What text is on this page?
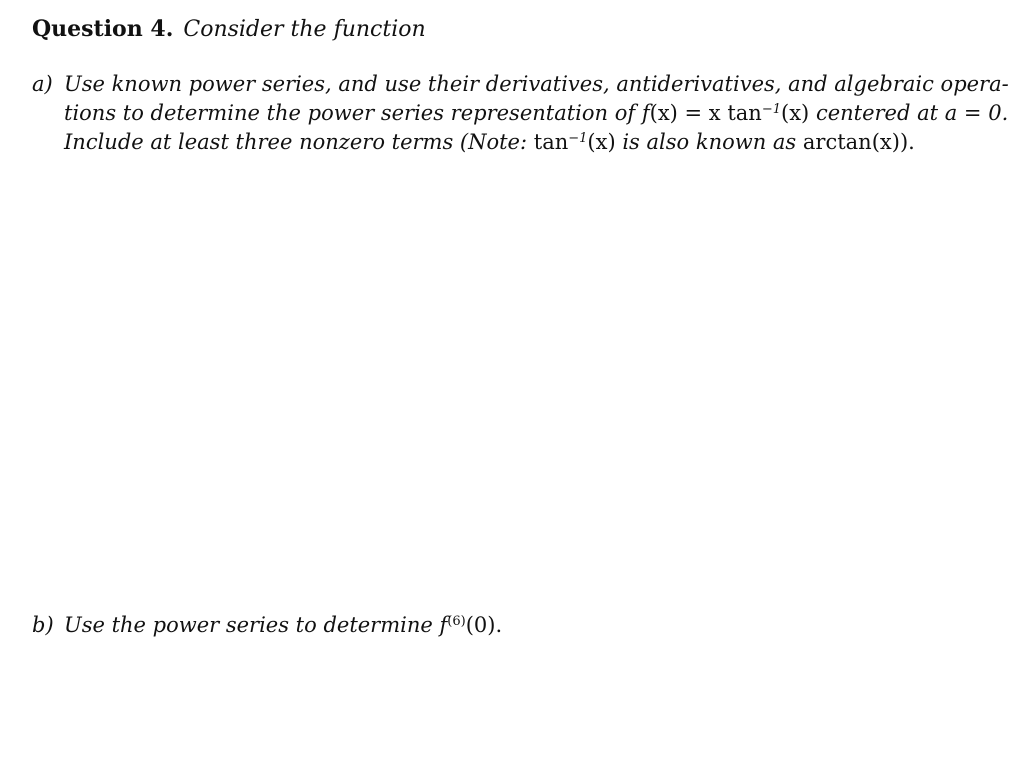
Question 4. Consider the function
a) Use known power series, and use their derivatives, antiderivatives, and algebraic opera-
tions to determine the power series representation of f(x) = x $\tan^{-1}(x)$ centered at a = 0.
Include at least three nonzero terms (Note: $\tan^{-1}(x)$ is also known as arctan(x)).
b) Use the power series to determine $f^{(6)}(0)$.
